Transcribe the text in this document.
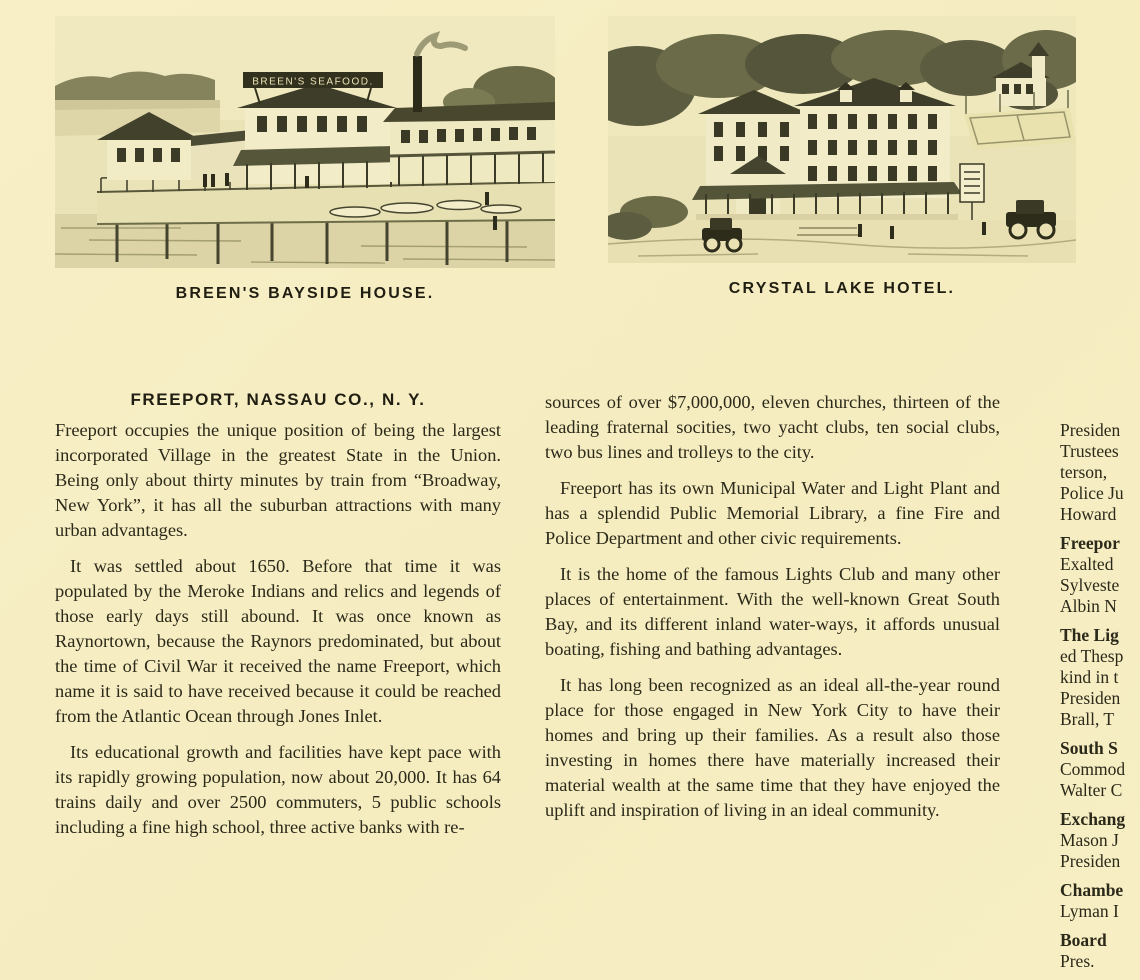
BREEN'S SEAFOOD.
BREEN'S BAYSIDE HOUSE.	CRYSTAL LAKE HOTEL.
FREEPORT, NASSAU CO., N. Y.

Freeport occupies the unique position of being the largest incorporated Village in the greatest State in the Union. Being only about thirty minutes by train from “Broadway, New York”, it has all the suburban attractions with many urban advantages.

It was settled about 1650. Before that time it was populated by the Meroke Indians and relics and legends of those early days still abound. It was once known as Raynortown, because the Raynors predominated, but about the time of Civil War it received the name Freeport, which name it is said to have received because it could be reached from the Atlantic Ocean through Jones Inlet.

Its educational growth and facilities have kept pace with its rapidly growing population, now about 20,000. It has 64 trains daily and over 2500 commuters, 5 public schools including a fine high school, three active banks with re-

sources of over $7,000,000, eleven churches, thirteen of the leading fraternal socities, two yacht clubs, ten social clubs, two bus lines and trolleys to the city.

Freeport has its own Municipal Water and Light Plant and has a splendid Public Memorial Library, a fine Fire and Police Department and other civic requirements.

It is the home of the famous Lights Club and many other places of entertainment. With the well-known Great South Bay, and its different inland water-ways, it affords unusual boating, fishing and bathing advantages.

It has long been recognized as an ideal all-the-year round place for those engaged in New York City to have their homes and bring up their families. As a result also those investing in homes there have materially increased their material wealth at the same time that they have enjoyed the uplift and inspiration of living in an ideal community.

Presiden
Trustees
terson,
Police Ju
Howard
Freepor
Exalted
Sylveste
Albin N
The Lig
ed Thesp
kind in t
Presiden
Brall, T
South S
Commod
Walter C
Exchang
Mason J
Presiden
Chambe
Lyman I
Board
Pres.
